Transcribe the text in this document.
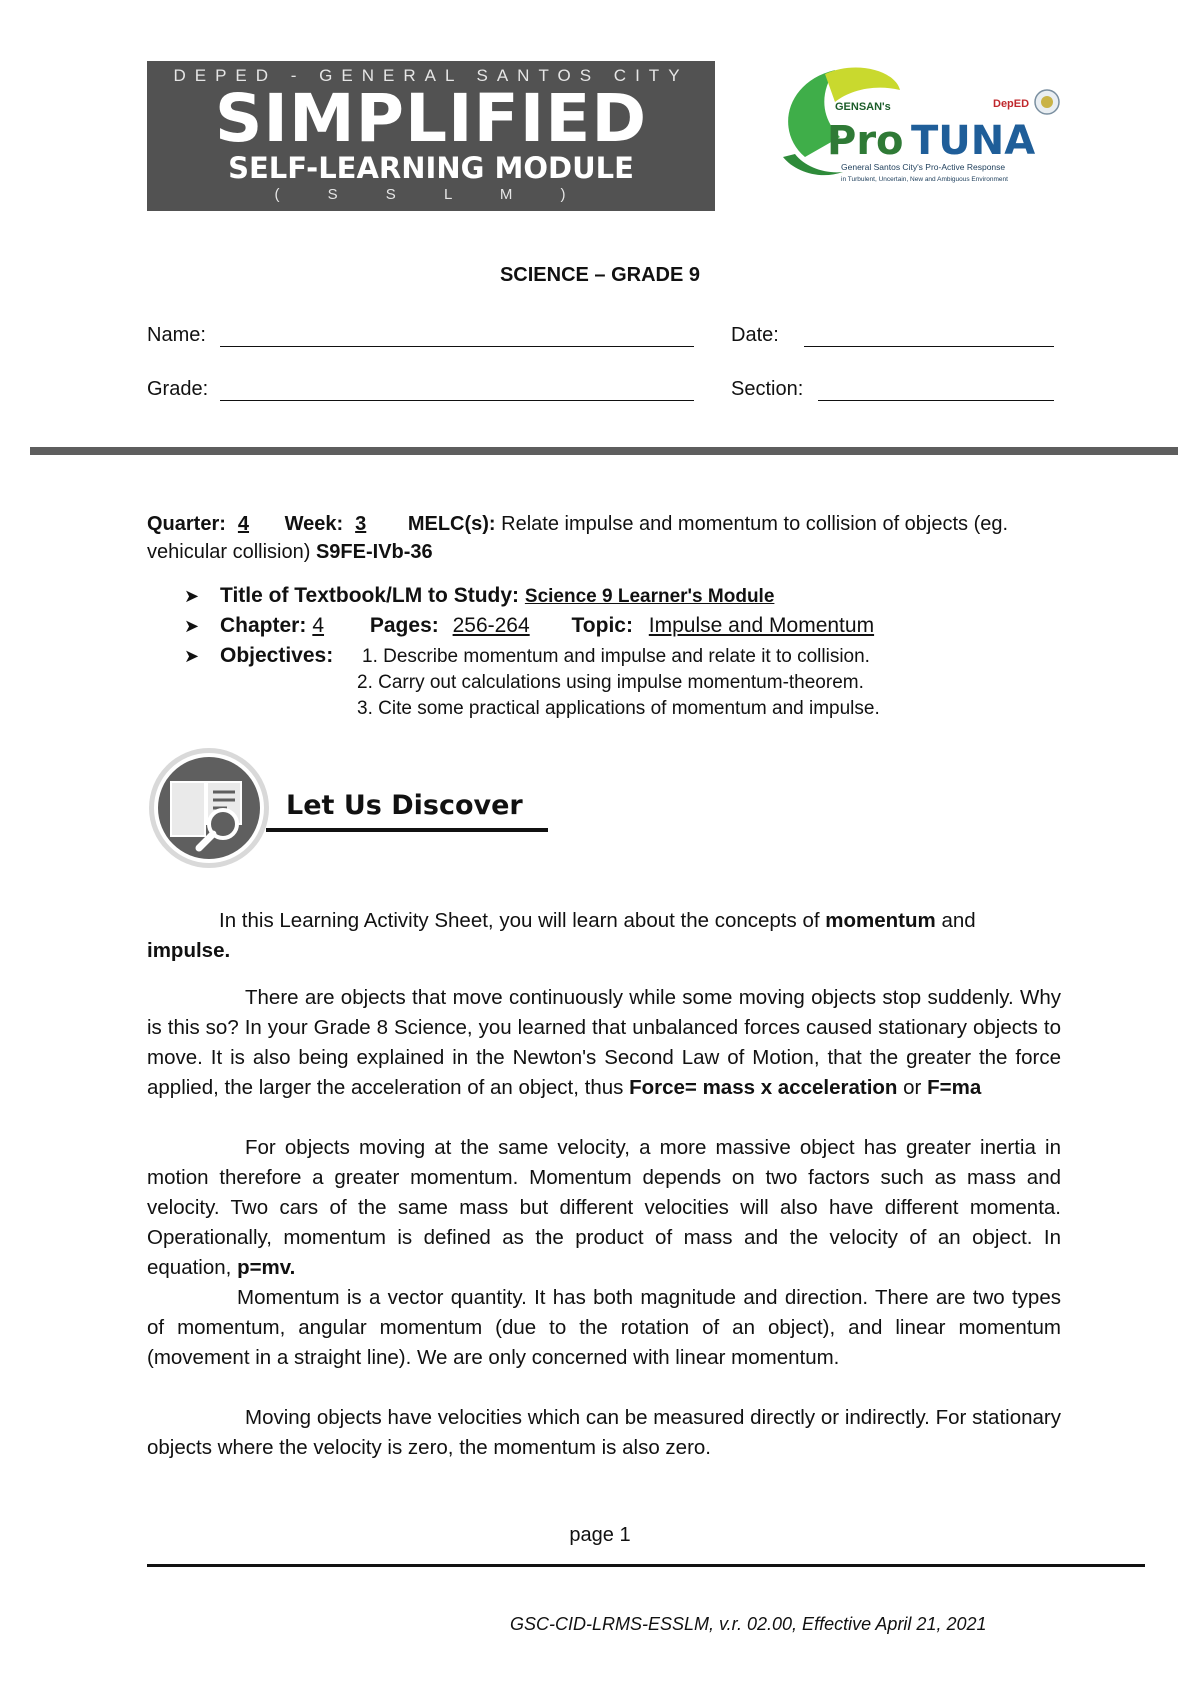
DEPED - GENERAL SANTOS CITY
SIMPLIFIED
SELF-LEARNING MODULE
( S S L M )
GENSAN's	DepED
Pro TUNA
General Santos City's Pro-Active Response
in Turbulent, Uncertain, New and Ambiguous Environment
SCIENCE – GRADE 9
Name:	Date:
Grade:	Section:
Quarter: 4 Week: 3 MELC(s): Relate impulse and momentum to collision of objects (eg. vehicular collision) S9FE-IVb-36
➤ Title of Textbook/LM to Study: Science 9 Learner's Module
➤ Chapter: 4 Pages: 256-264 Topic: Impulse and Momentum
➤ Objectives: 1. Describe momentum and impulse and relate it to collision.
2. Carry out calculations using impulse momentum-theorem.
3. Cite some practical applications of momentum and impulse.
Let Us Discover
In this Learning Activity Sheet, you will learn about the concepts of momentum and impulse.
There are objects that move continuously while some moving objects stop suddenly. Why is this so? In your Grade 8 Science, you learned that unbalanced forces caused stationary objects to move. It is also being explained in the Newton's Second Law of Motion, that the greater the force applied, the larger the acceleration of an object, thus Force= mass x acceleration or F=ma
For objects moving at the same velocity, a more massive object has greater inertia in motion therefore a greater momentum. Momentum depends on two factors such as mass and velocity. Two cars of the same mass but different velocities will also have different momenta. Operationally, momentum is defined as the product of mass and the velocity of an object. In equation, p=mv.
Momentum is a vector quantity. It has both magnitude and direction. There are two types of momentum, angular momentum (due to the rotation of an object), and linear momentum (movement in a straight line). We are only concerned with linear momentum.
Moving objects have velocities which can be measured directly or indirectly. For stationary objects where the velocity is zero, the momentum is also zero.
page 1
GSC-CID-LRMS-ESSLM, v.r. 02.00, Effective April 21, 2021
